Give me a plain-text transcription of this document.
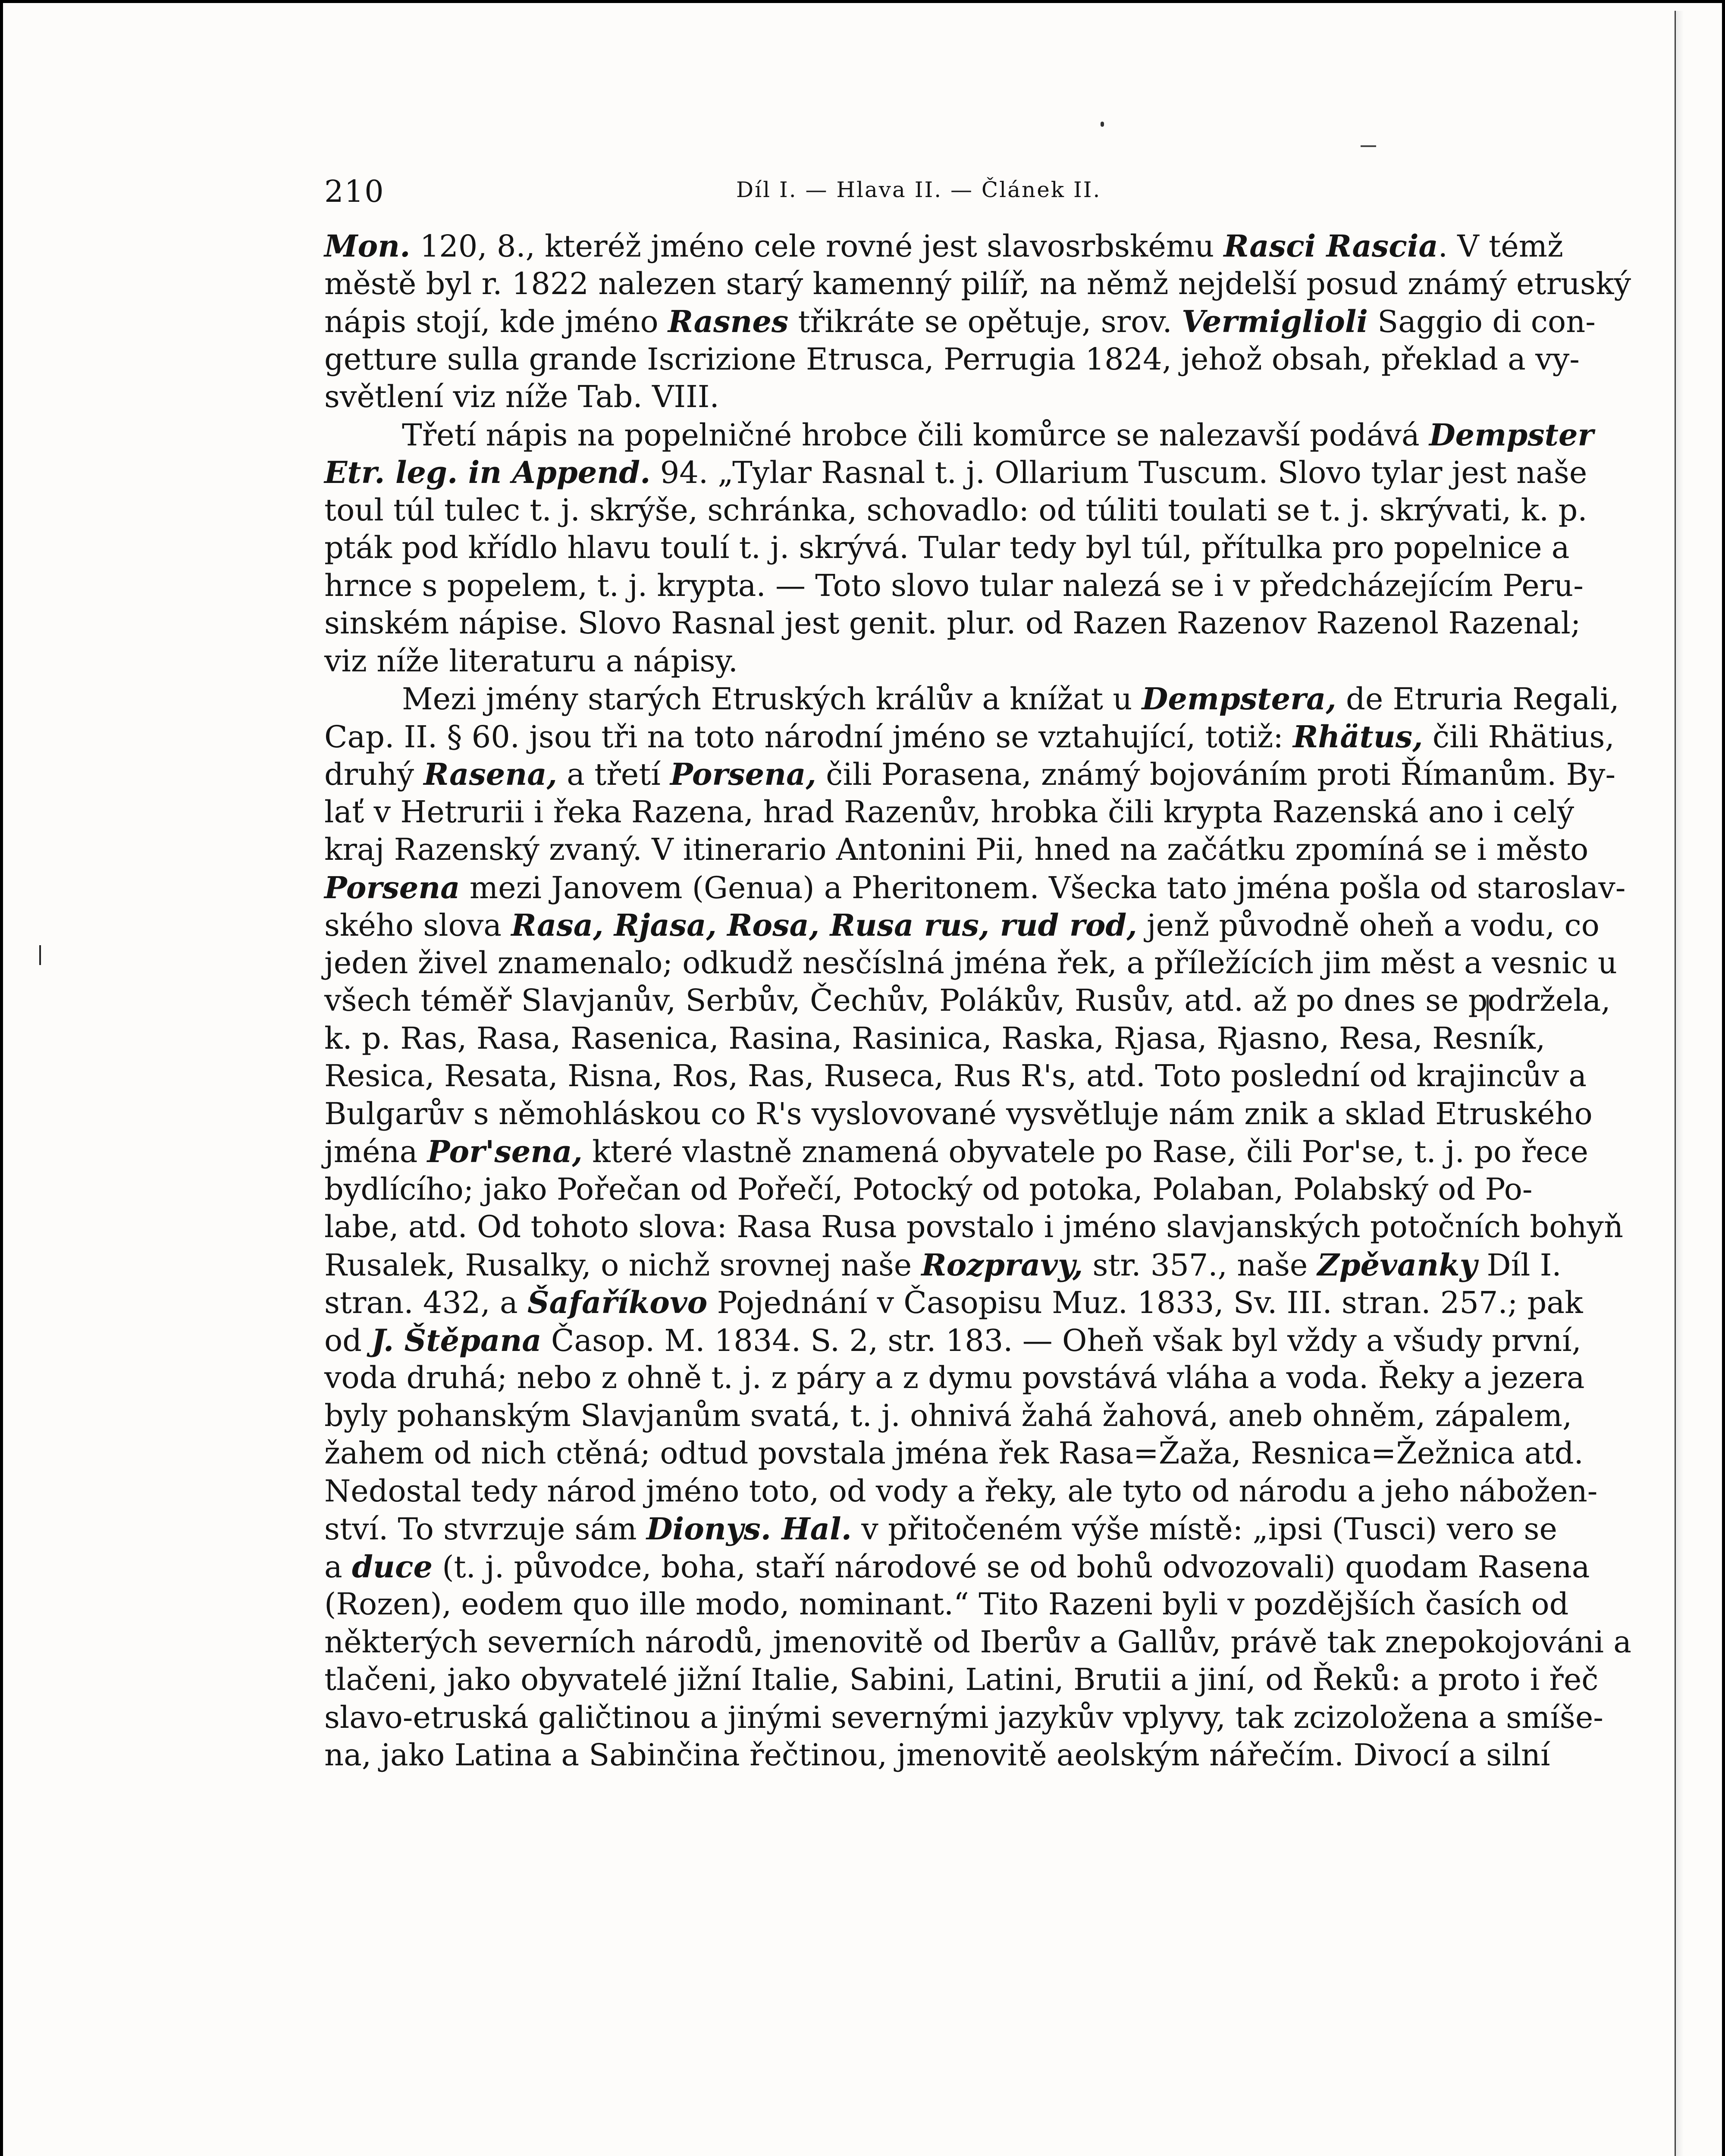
210	Díl I. — Hlava II. — Článek II.
Mon. 120, 8., kteréž jméno cele rovné jest slavosrbskému Rasci Rascia. V témž
městě byl r. 1822 nalezen starý kamenný pilíř, na němž nejdelší posud známý etruský
nápis stojí, kde jméno Rasnes třikráte se opětuje, srov. Vermiglioli Saggio di con-
getture sulla grande Iscrizione Etrusca, Perrugia 1824, jehož obsah, překlad a vy-
světlení viz níže Tab. VIII.
Třetí nápis na popelničné hrobce čili komůrce se nalezavší podává Dempster
Etr. leg. in Append. 94. „Tylar Rasnal t. j. Ollarium Tuscum. Slovo tylar jest naše
toul túl tulec t. j. skrýše, schránka, schovadlo: od túliti toulati se t. j. skrývati, k. p.
pták pod křídlo hlavu toulí t. j. skrývá. Tular tedy byl túl, přítulka pro popelnice a
hrnce s popelem, t. j. krypta. — Toto slovo tular nalezá se i v předcházejícím Peru-
sinském nápise. Slovo Rasnal jest genit. plur. od Razen Razenov Razenol Razenal;
viz níže literaturu a nápisy.
Mezi jmény starých Etruských králův a knížat u Dempstera, de Etruria Regali,
Cap. II. § 60. jsou tři na toto národní jméno se vztahující, totiž: Rhätus, čili Rhätius,
druhý Rasena, a třetí Porsena, čili Porasena, známý bojováním proti Římanům. By-
lať v Hetrurii i řeka Razena, hrad Razenův, hrobka čili krypta Razenská ano i celý
kraj Razenský zvaný. V itinerario Antonini Pii, hned na začátku zpomíná se i město
Porsena mezi Janovem (Genua) a Pheritonem. Všecka tato jména pošla od staroslav-
ského slova Rasa, Rjasa, Rosa, Rusa rus, rud rod, jenž původně oheň a vodu, co
jeden živel znamenalo; odkudž nesčíslná jména řek, a příležících jim měst a vesnic u
všech téměř Slavjanův, Serbův, Čechův, Polákův, Rusův, atd. až po dnes se podržela,
k. p. Ras, Rasa, Rasenica, Rasina, Rasinica, Raska, Rjasa, Rjasno, Resa, Resník,
Resica, Resata, Risna, Ros, Ras, Ruseca, Rus R's, atd. Toto poslední od krajincův a
Bulgarův s němohláskou co R's vyslovované vysvětluje nám znik a sklad Etruského
jména Por'sena, které vlastně znamená obyvatele po Rase, čili Por'se, t. j. po řece
bydlícího; jako Pořečan od Pořečí, Potocký od potoka, Polaban, Polabský od Po-
labe, atd. Od tohoto slova: Rasa Rusa povstalo i jméno slavjanských potočních bohyň
Rusalek, Rusalky, o nichž srovnej naše Rozpravy, str. 357., naše Zpěvanky Díl I.
stran. 432, a Šafaříkovo Pojednání v Časopisu Muz. 1833, Sv. III. stran. 257.; pak
od J. Štěpana Časop. M. 1834. S. 2, str. 183. — Oheň však byl vždy a všudy první,
voda druhá; nebo z ohně t. j. z páry a z dymu povstává vláha a voda. Řeky a jezera
byly pohanským Slavjanům svatá, t. j. ohnivá žahá žahová, aneb ohněm, zápalem,
žahem od nich ctěná; odtud povstala jména řek Rasa=Žaža, Resnica=Žežnica atd.
Nedostal tedy národ jméno toto, od vody a řeky, ale tyto od národu a jeho nábožen-
ství. To stvrzuje sám Dionys. Hal. v přitočeném výše místě: „ipsi (Tusci) vero se
a duce (t. j. původce, boha, staří národové se od bohů odvozovali) quodam Rasena
(Rozen), eodem quo ille modo, nominant.“ Tito Razeni byli v pozdějších časích od
některých severních národů, jmenovitě od Iberův a Gallův, právě tak znepokojováni a
tlačeni, jako obyvatelé jižní Italie, Sabini, Latini, Brutii a jiní, od Řeků: a proto i řeč
slavo-etruská galičtinou a jinými severnými jazykův vplyvy, tak zcizoložena a smíše-
na, jako Latina a Sabinčina řečtinou, jmenovitě aeolským nářečím. Divocí a silní
